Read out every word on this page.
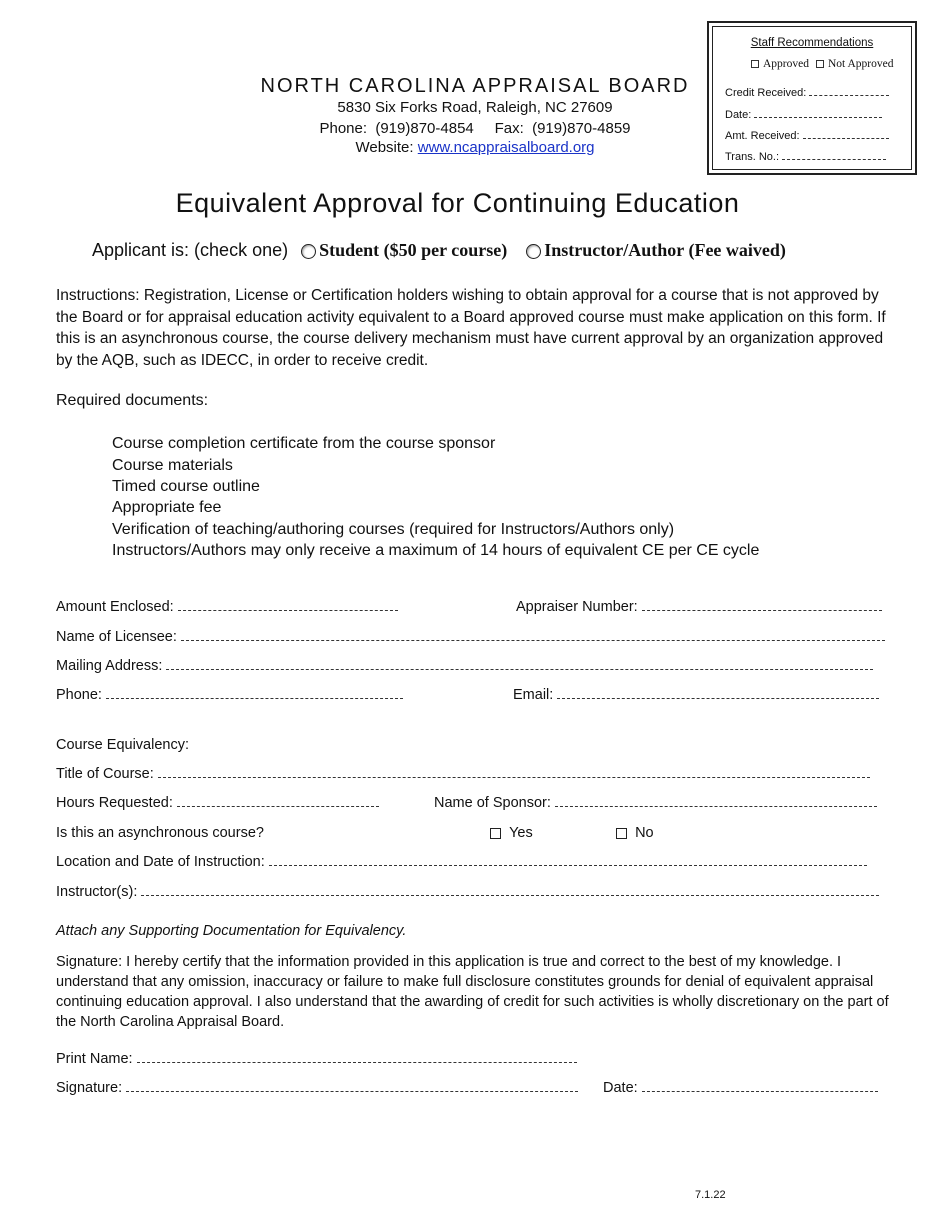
Staff Recommendations
Approved	Not Approved
Credit Received:
Date:
Amt. Received:
Trans. No.:
NORTH CAROLINA APPRAISAL BOARD
5830 Six Forks Road, Raleigh, NC 27609
Phone:  (919)870-4854     Fax:  (919)870-4859
Website: www.ncappraisalboard.org
Equivalent Approval for Continuing Education
Applicant is: (check one) Student ($50 per course) Instructor/Author (Fee waived)
Instructions: Registration, License or Certification holders wishing to obtain approval for a course that is not approved by the Board or for appraisal education activity equivalent to a Board approved course must make application on this form. If this is an asynchronous course, the course delivery mechanism must have current approval by an organization approved by the AQB, such as IDECC, in order to receive credit.
Required documents:
Course completion certificate from the course sponsor
Course materials
Timed course outline
Appropriate fee
Verification of teaching/authoring courses (required for Instructors/Authors only)
Instructors/Authors may only receive a maximum of 14 hours of equivalent CE per CE cycle
Amount Enclosed:	Appraiser Number:
Name of Licensee:
Mailing Address:
Phone:	Email:
Course Equivalency:
Title of Course:
Hours Requested:	Name of Sponsor:
Is this an asynchronous course?	Yes	No
Location and Date of Instruction:
Instructor(s):
Attach any Supporting Documentation for Equivalency.
Signature: I hereby certify that the information provided in this application is true and correct to the best of my knowledge. I understand that any omission, inaccuracy or failure to make full disclosure constitutes grounds for denial of equivalent appraisal continuing education approval. I also understand that the awarding of credit for such activities is wholly discretionary on the part of the North Carolina Appraisal Board.
Print Name:
Signature:	Date:
7.1.22
